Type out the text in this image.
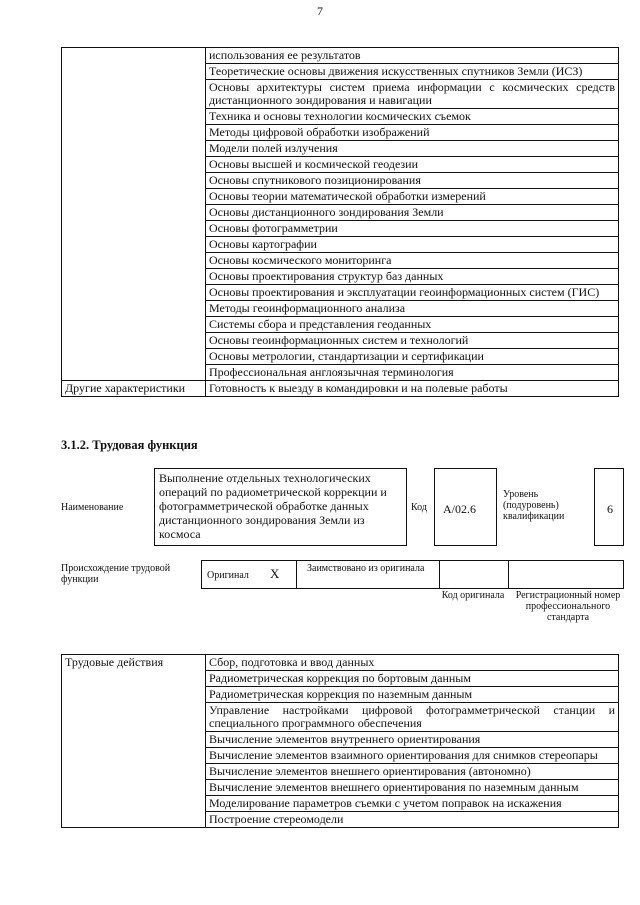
7
	использования ее результатов
	Теоретические основы движения искусственных спутников Земли (ИСЗ)
	Основы архитектуры систем приема информации с космических средств дистанционного зондирования и навигации
	Техника и основы технологии космических съемок
	Методы цифровой обработки изображений
	Модели полей излучения
	Основы высшей и космической геодезии
	Основы спутникового позиционирования
	Основы теории математической обработки измерений
	Основы дистанционного зондирования Земли
	Основы фотограмметрии
	Основы картографии
	Основы космического мониторинга
	Основы проектирования структур баз данных
	Основы проектирования и эксплуатации геоинформационных систем (ГИС)
	Методы геоинформационного анализа
	Системы сбора и представления геоданных
	Основы геоинформационных систем и технологий
	Основы метрологии, стандартизации и сертификации
	Профессиональная англоязычная терминология
Другие характеристики	Готовность к выезду в командировки и на полевые работы
3.1.2. Трудовая функция
Наименование
Выполнение отдельных технологических операций по радиометрической коррекции и фотограмметрической обработке данных дистанционного зондирования Земли из космоса
Код	А/02.6
Уровень (подуровень) квалификации
6
Происхождение трудовой функции	Оригинал X	Заимствовано из оригинала
Код оригинала	Регистрационный номер профессионального стандарта
Трудовые действия	Сбор, подготовка и ввод данных
Радиометрическая коррекция по бортовым данным
Радиометрическая коррекция по наземным данным
Управление настройками цифровой фотограмметрической станции и специального программного обеспечения
Вычисление элементов внутреннего ориентирования
Вычисление элементов взаимного ориентирования для снимков стереопары
Вычисление элементов внешнего ориентирования (автономно)
Вычисление элементов внешнего ориентирования по наземным данным
Моделирование параметров съемки с учетом поправок на искажения
Построение стереомодели
